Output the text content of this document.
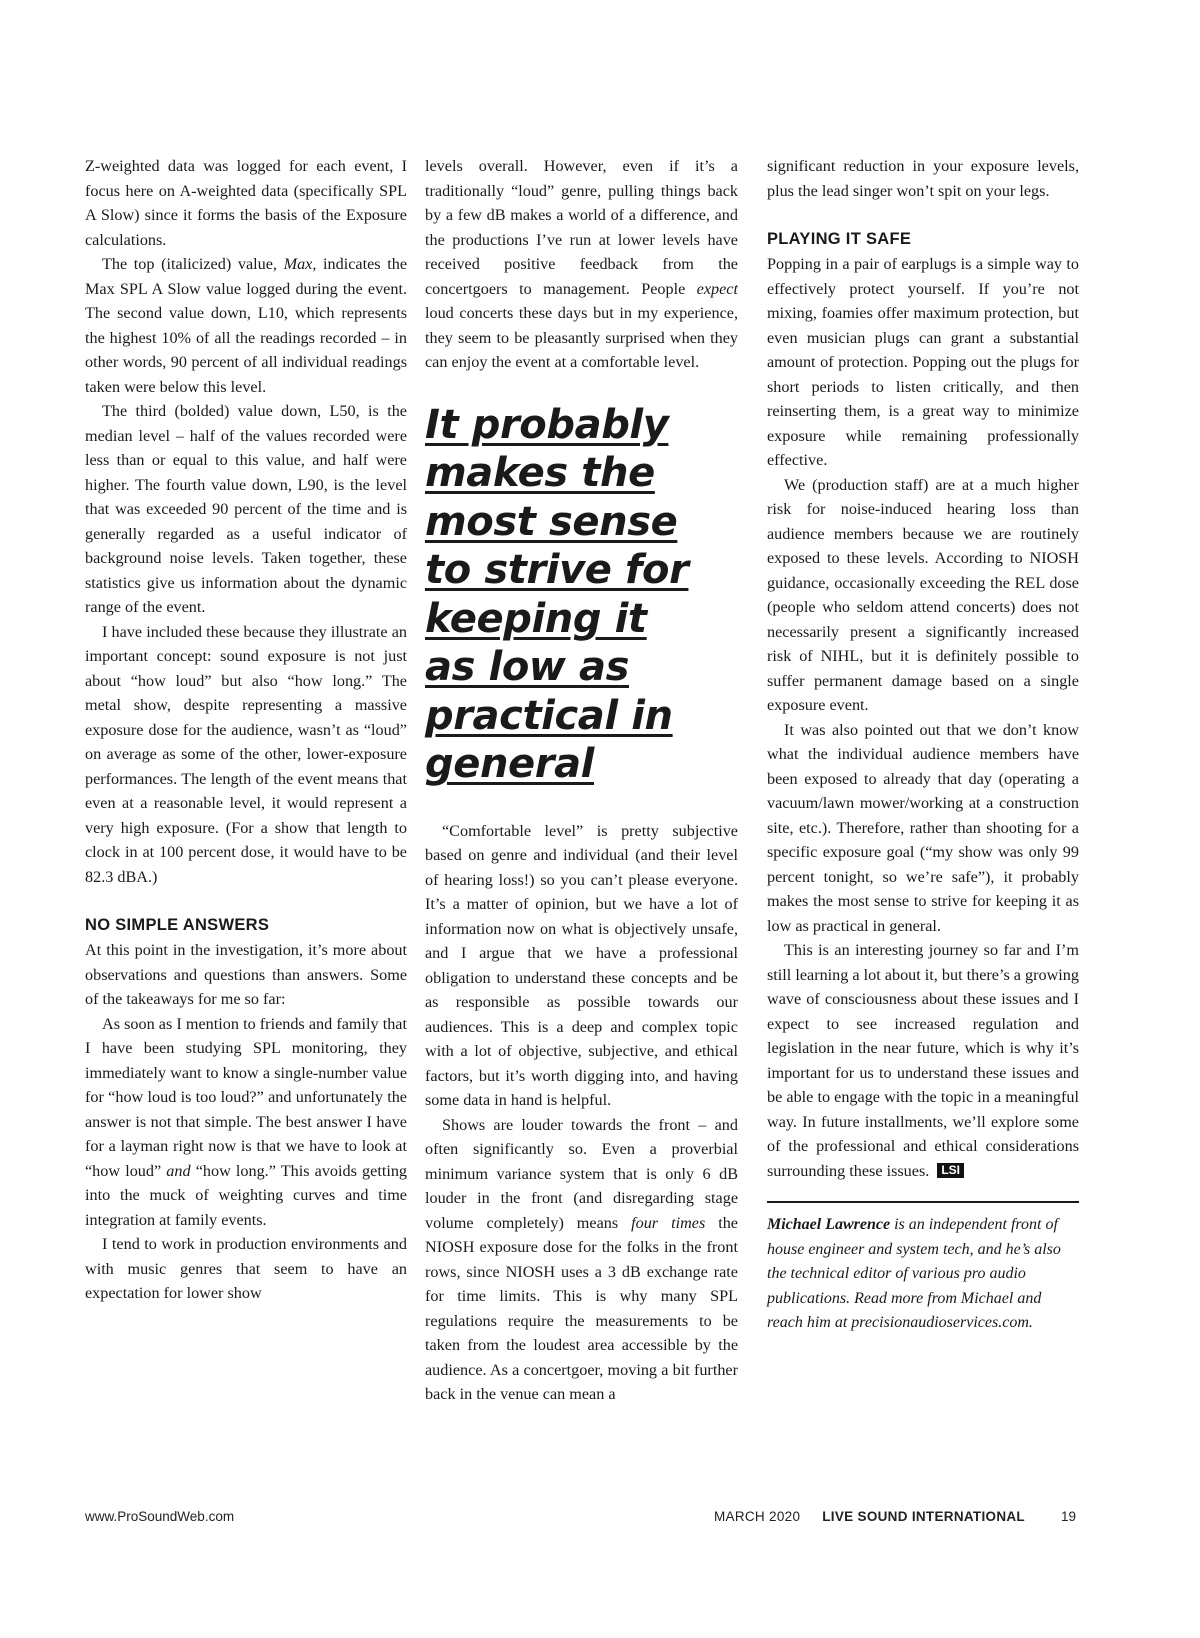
Z-weighted data was logged for each event, I focus here on A-weighted data (specifically SPL A Slow) since it forms the basis of the Exposure calculations.

The top (italicized) value, Max, indicates the Max SPL A Slow value logged during the event. The second value down, L10, which represents the highest 10% of all the readings recorded – in other words, 90 percent of all individual readings taken were below this level.

The third (bolded) value down, L50, is the median level – half of the values recorded were less than or equal to this value, and half were higher. The fourth value down, L90, is the level that was exceeded 90 percent of the time and is generally regarded as a useful indicator of background noise levels. Taken together, these statistics give us information about the dynamic range of the event.

I have included these because they illustrate an important concept: sound exposure is not just about “how loud” but also “how long.” The metal show, despite representing a massive exposure dose for the audience, wasn’t as “loud” on average as some of the other, lower-exposure performances. The length of the event means that even at a reasonable level, it would represent a very high exposure. (For a show that length to clock in at 100 percent dose, it would have to be 82.3 dBA.)

NO SIMPLE ANSWERS

At this point in the investigation, it’s more about observations and questions than answers. Some of the takeaways for me so far:

As soon as I mention to friends and family that I have been studying SPL monitoring, they immediately want to know a single-number value for “how loud is too loud?” and unfortunately the answer is not that simple. The best answer I have for a layman right now is that we have to look at “how loud” and “how long.” This avoids getting into the muck of weighting curves and time integration at family events.

I tend to work in production environments and with music genres that seem to have an expectation for lower show

levels overall. However, even if it’s a traditionally “loud” genre, pulling things back by a few dB makes a world of a difference, and the productions I’ve run at lower levels have received positive feedback from the concertgoers to management. People expect loud concerts these days but in my experience, they seem to be pleasantly surprised when they can enjoy the event at a comfortable level.

It probably
makes the
most sense
to strive for
keeping it
as low as
practical in
general

“Comfortable level” is pretty subjective based on genre and individual (and their level of hearing loss!) so you can’t please everyone. It’s a matter of opinion, but we have a lot of information now on what is objectively unsafe, and I argue that we have a professional obligation to understand these concepts and be as responsible as possible towards our audiences. This is a deep and complex topic with a lot of objective, subjective, and ethical factors, but it’s worth digging into, and having some data in hand is helpful.

Shows are louder towards the front – and often significantly so. Even a proverbial minimum variance system that is only 6 dB louder in the front (and disregarding stage volume completely) means four times the NIOSH exposure dose for the folks in the front rows, since NIOSH uses a 3 dB exchange rate for time limits. This is why many SPL regulations require the measurements to be taken from the loudest area accessible by the audience. As a concertgoer, moving a bit further back in the venue can mean a

significant reduction in your exposure levels, plus the lead singer won’t spit on your legs.

PLAYING IT SAFE

Popping in a pair of earplugs is a simple way to effectively protect yourself. If you’re not mixing, foamies offer maximum protection, but even musician plugs can grant a substantial amount of protection. Popping out the plugs for short periods to listen critically, and then reinserting them, is a great way to minimize exposure while remaining professionally effective.

We (production staff) are at a much higher risk for noise-induced hearing loss than audience members because we are routinely exposed to these levels. According to NIOSH guidance, occasionally exceeding the REL dose (people who seldom attend concerts) does not necessarily present a significantly increased risk of NIHL, but it is definitely possible to suffer permanent damage based on a single exposure event.

It was also pointed out that we don’t know what the individual audience members have been exposed to already that day (operating a vacuum/lawn mower/working at a construction site, etc.). Therefore, rather than shooting for a specific exposure goal (“my show was only 99 percent tonight, so we’re safe”), it probably makes the most sense to strive for keeping it as low as practical in general.

This is an interesting journey so far and I’m still learning a lot about it, but there’s a growing wave of consciousness about these issues and I expect to see increased regulation and legislation in the near future, which is why it’s important for us to understand these issues and be able to engage with the topic in a meaningful way. In future installments, we’ll explore some of the professional and ethical considerations surrounding these issues. LSI

Michael Lawrence is an independent front of house engineer and system tech, and he’s also the technical editor of various pro audio publications. Read more from Michael and reach him at precisionaudioservices.com.

www.ProSoundWeb.com	MARCH 2020 LIVE SOUND INTERNATIONAL	19
